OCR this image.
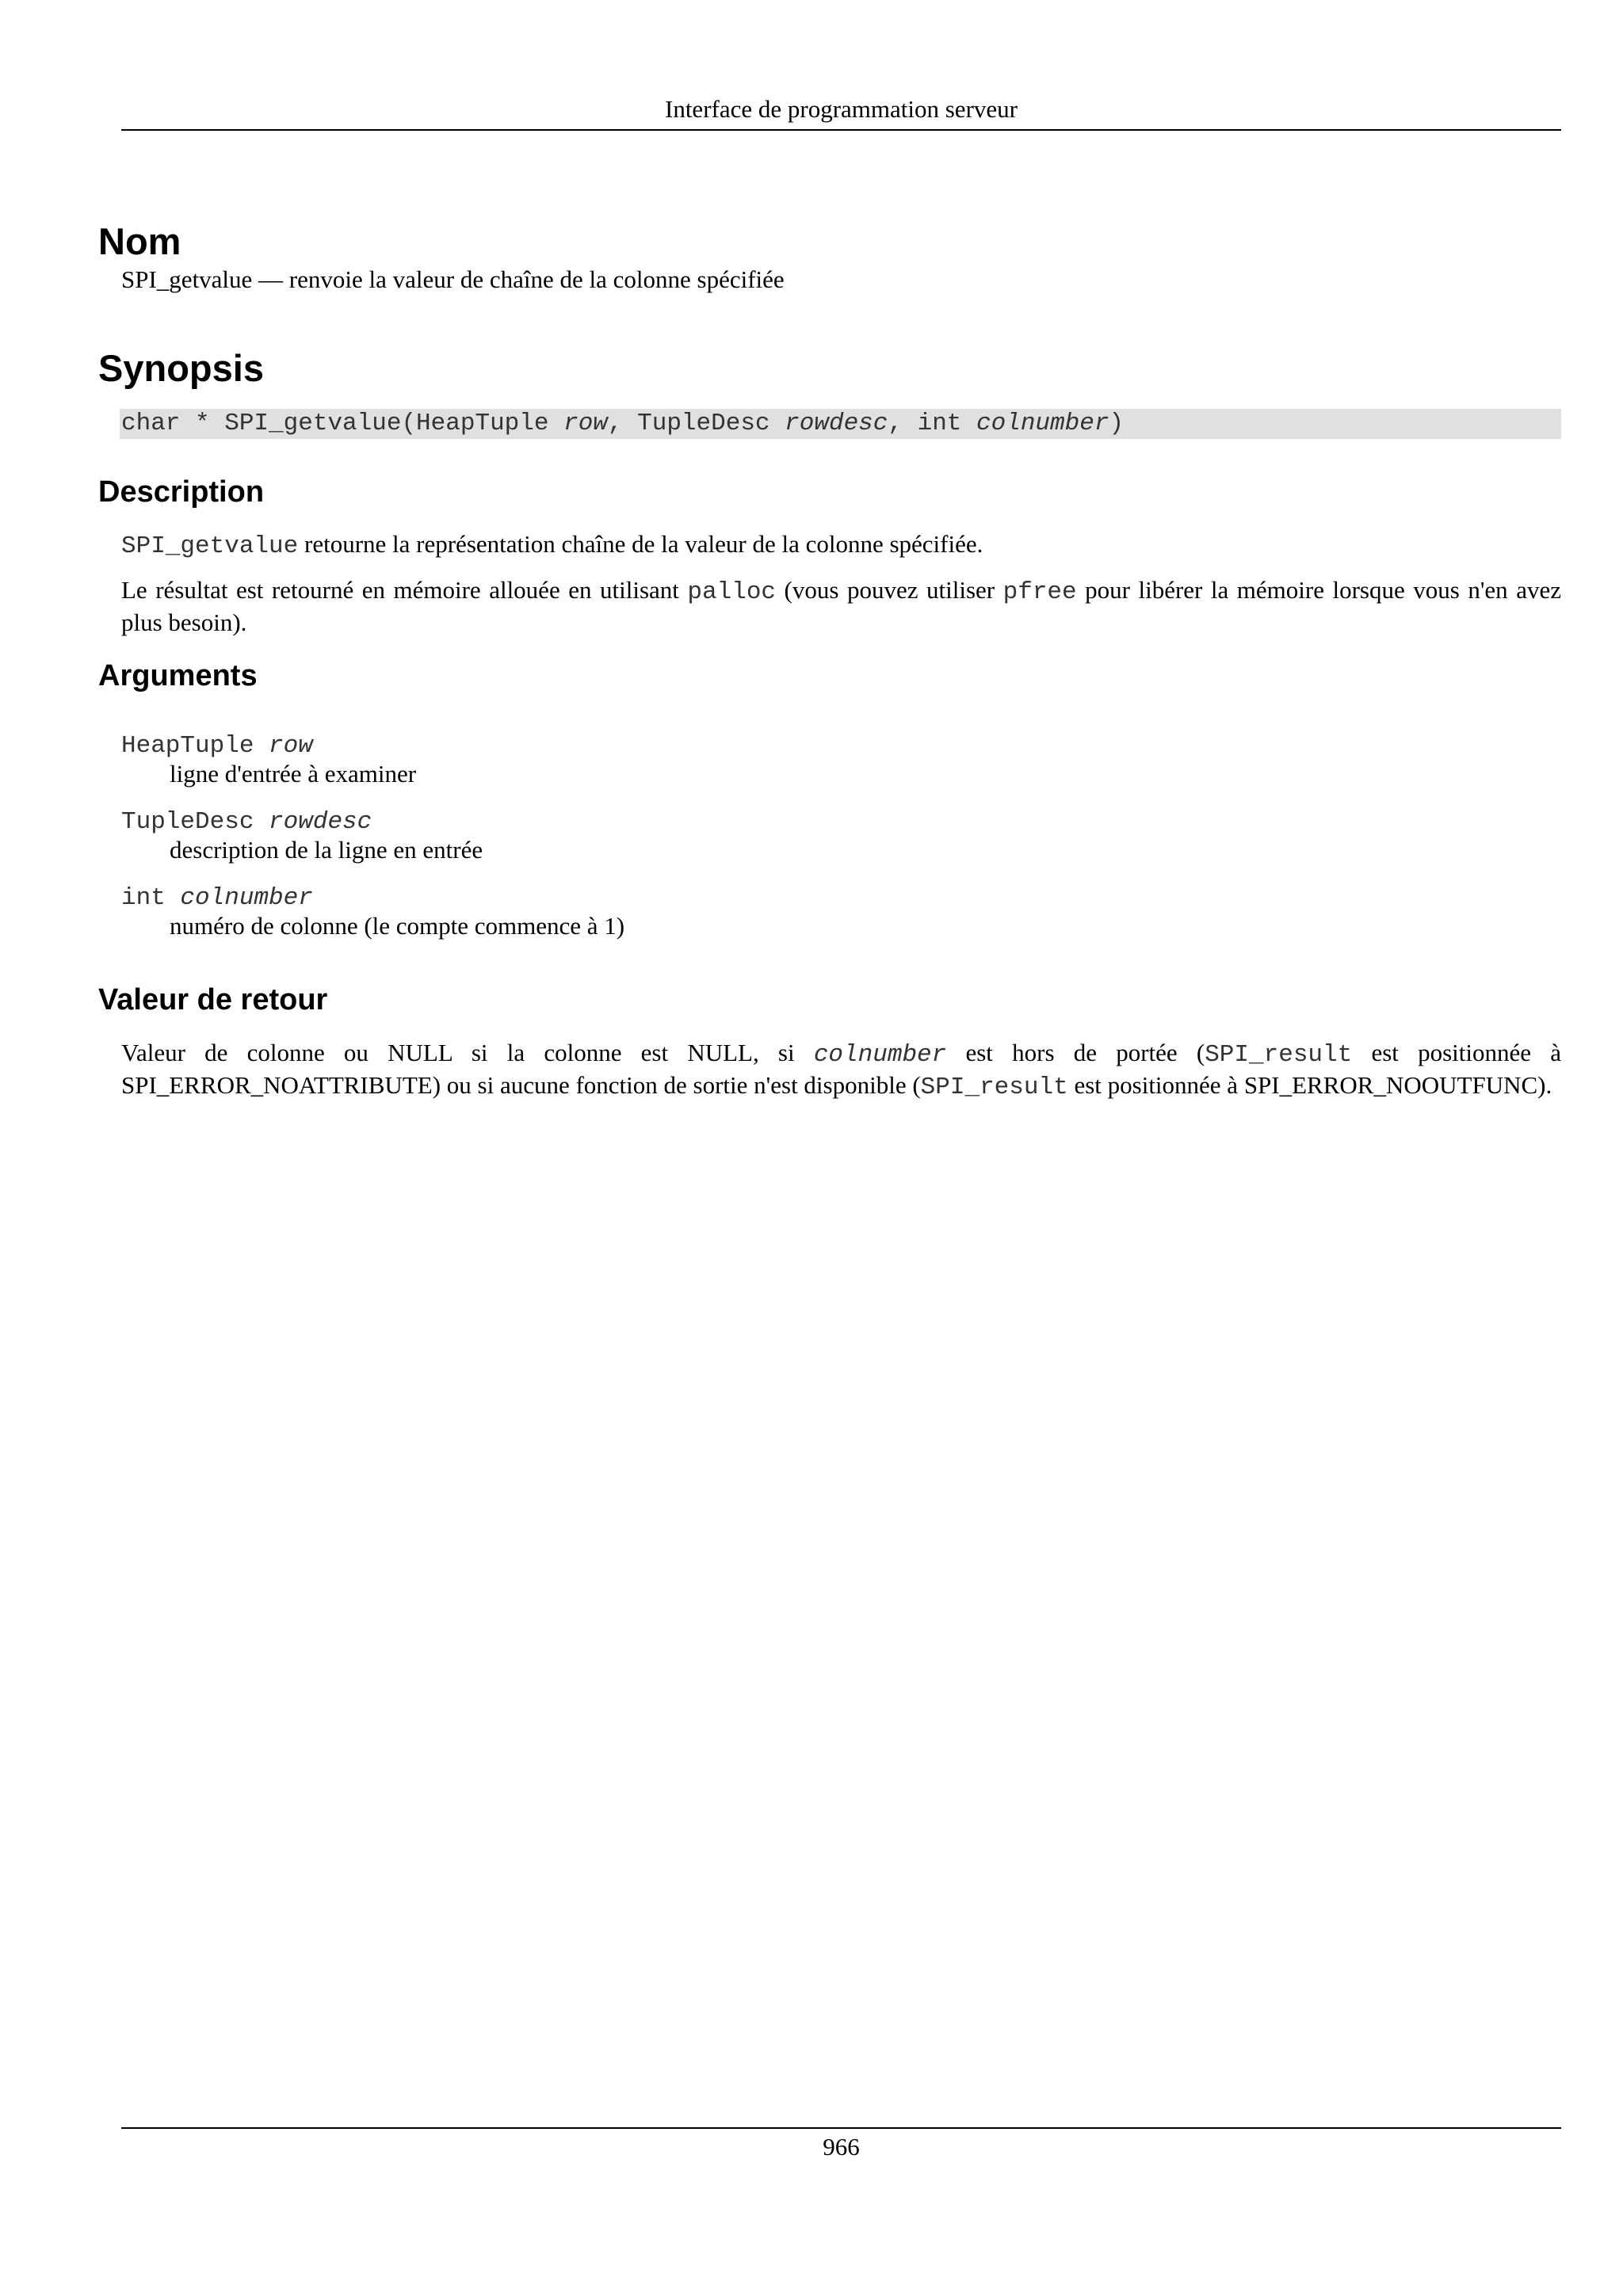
Interface de programmation serveur
Nom
SPI_getvalue — renvoie la valeur de chaîne de la colonne spécifiée
Synopsis
char * SPI_getvalue(HeapTuple row, TupleDesc rowdesc, int colnumber)
Description
SPI_getvalue retourne la représentation chaîne de la valeur de la colonne spécifiée.
Le résultat est retourné en mémoire allouée en utilisant palloc (vous pouvez utiliser pfree pour libérer la mémoire lorsque vous n'en avez plus besoin).
Arguments
HeapTuple row
ligne d'entrée à examiner
TupleDesc rowdesc
description de la ligne en entrée
int colnumber
numéro de colonne (le compte commence à 1)
Valeur de retour
Valeur de colonne ou NULL si la colonne est NULL, si colnumber est hors de portée (SPI_result est positionnée à SPI_ERROR_NOATTRIBUTE) ou si aucune fonction de sortie n'est disponible (SPI_result est positionnée à SPI_ERROR_NOOUTFUNC).
966
